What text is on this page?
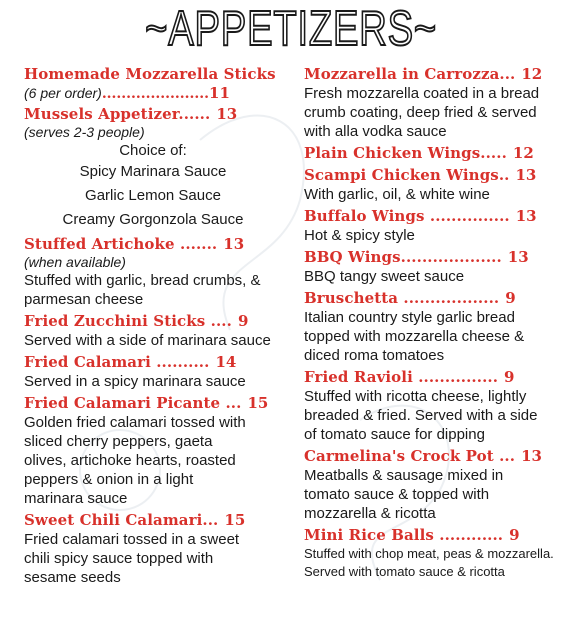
~APPETIZERS~
Homemade Mozzarella Sticks
(6 per order) ...................... 11
Mussels Appetizer...... 13
(serves 2-3 people)
Choice of:
Spicy Marinara Sauce
Garlic Lemon Sauce
Creamy Gorgonzola Sauce
Stuffed Artichoke ....... 13
(when available)
Stuffed with garlic, bread crumbs, &
parmesan cheese
Fried Zucchini Sticks .... 9
Served with a side of marinara sauce
Fried Calamari .......... 14
Served in a spicy marinara sauce
Fried Calamari Picante ... 15
Golden fried calamari tossed with
sliced cherry peppers, gaeta
olives, artichoke hearts, roasted
peppers & onion in a light
marinara sauce
Sweet Chili Calamari... 15
Fried calamari tossed in a sweet
chili spicy sauce topped with
sesame seeds
Mozzarella in Carrozza... 12
Fresh mozzarella coated in a bread
crumb coating, deep fried & served
with alla vodka sauce
Plain Chicken Wings..... 12
Scampi Chicken Wings.. 13
With garlic, oil, & white wine
Buffalo Wings ............... 13
Hot & spicy style
BBQ Wings................... 13
BBQ tangy sweet sauce
Bruschetta .................. 9
Italian country style garlic bread
topped with mozzarella cheese &
diced roma tomatoes
Fried Ravioli ............... 9
Stuffed with ricotta cheese, lightly
breaded & fried. Served with a side
of tomato sauce for dipping
Carmelina's Crock Pot ... 13
Meatballs & sausage mixed in
tomato sauce & topped with
mozzarella & ricotta
Mini Rice Balls ............ 9
Stuffed with chop meat, peas & mozzarella.
Served with tomato sauce & ricotta
